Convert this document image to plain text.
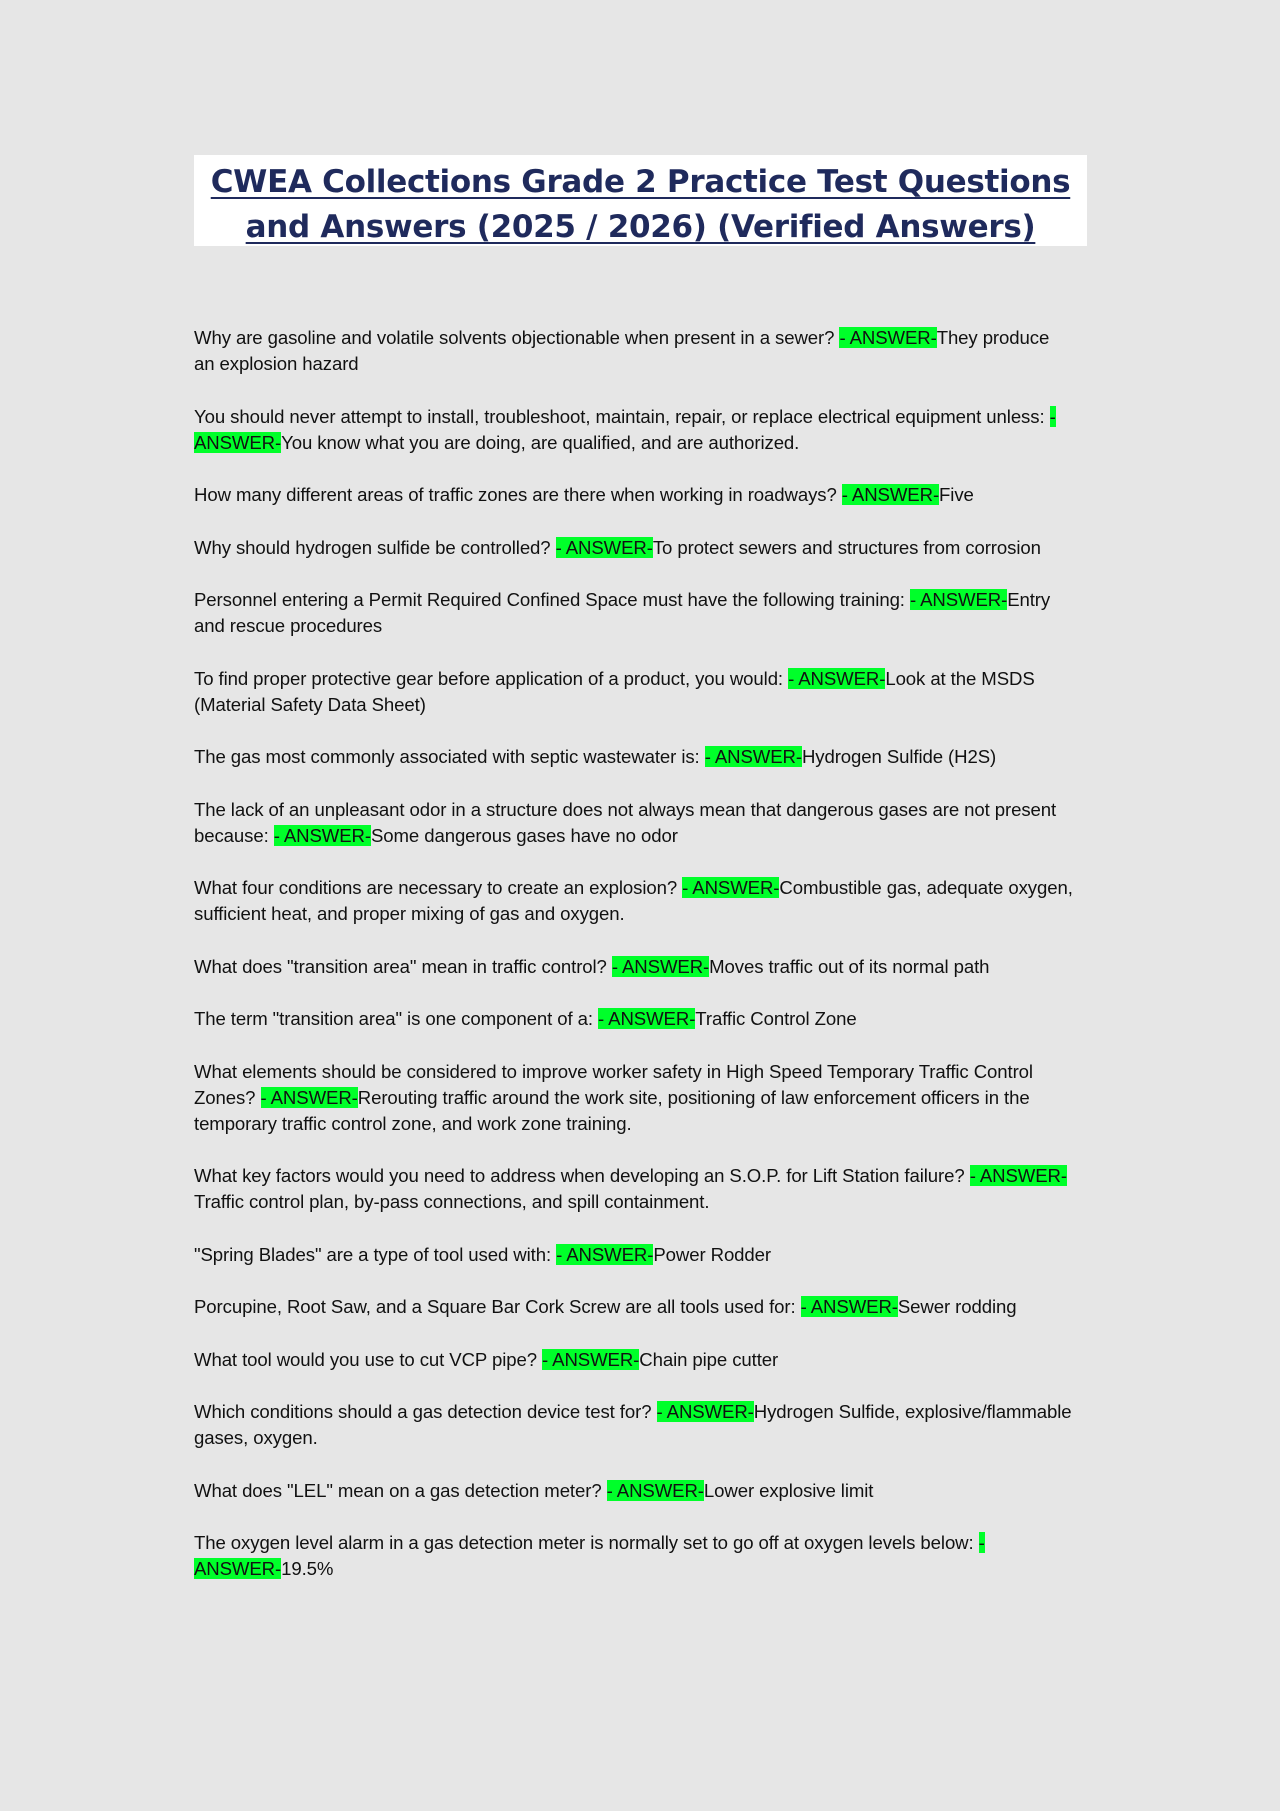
CWEA Collections Grade 2 Practice Test Questions and Answers (2025 / 2026) (Verified Answers)

Why are gasoline and volatile solvents objectionable when present in a sewer? - ANSWER-They produce an explosion hazard

You should never attempt to install, troubleshoot, maintain, repair, or replace electrical equipment unless: - ANSWER-You know what you are doing, are qualified, and are authorized.

How many different areas of traffic zones are there when working in roadways? - ANSWER-Five

Why should hydrogen sulfide be controlled? - ANSWER-To protect sewers and structures from corrosion

Personnel entering a Permit Required Confined Space must have the following training: - ANSWER-Entry and rescue procedures

To find proper protective gear before application of a product, you would: - ANSWER-Look at the MSDS (Material Safety Data Sheet)

The gas most commonly associated with septic wastewater is: - ANSWER-Hydrogen Sulfide (H2S)

The lack of an unpleasant odor in a structure does not always mean that dangerous gases are not present because: - ANSWER-Some dangerous gases have no odor

What four conditions are necessary to create an explosion? - ANSWER-Combustible gas, adequate oxygen, sufficient heat, and proper mixing of gas and oxygen.

What does "transition area" mean in traffic control? - ANSWER-Moves traffic out of its normal path

The term "transition area" is one component of a: - ANSWER-Traffic Control Zone

What elements should be considered to improve worker safety in High Speed Temporary Traffic Control Zones? - ANSWER-Rerouting traffic around the work site, positioning of law enforcement officers in the temporary traffic control zone, and work zone training.

What key factors would you need to address when developing an S.O.P. for Lift Station failure? - ANSWER-Traffic control plan, by-pass connections, and spill containment.

"Spring Blades" are a type of tool used with: - ANSWER-Power Rodder

Porcupine, Root Saw, and a Square Bar Cork Screw are all tools used for: - ANSWER-Sewer rodding

What tool would you use to cut VCP pipe? - ANSWER-Chain pipe cutter

Which conditions should a gas detection device test for? - ANSWER-Hydrogen Sulfide, explosive/flammable gases, oxygen.

What does "LEL" mean on a gas detection meter? - ANSWER-Lower explosive limit

The oxygen level alarm in a gas detection meter is normally set to go off at oxygen levels below: - ANSWER-19.5%
